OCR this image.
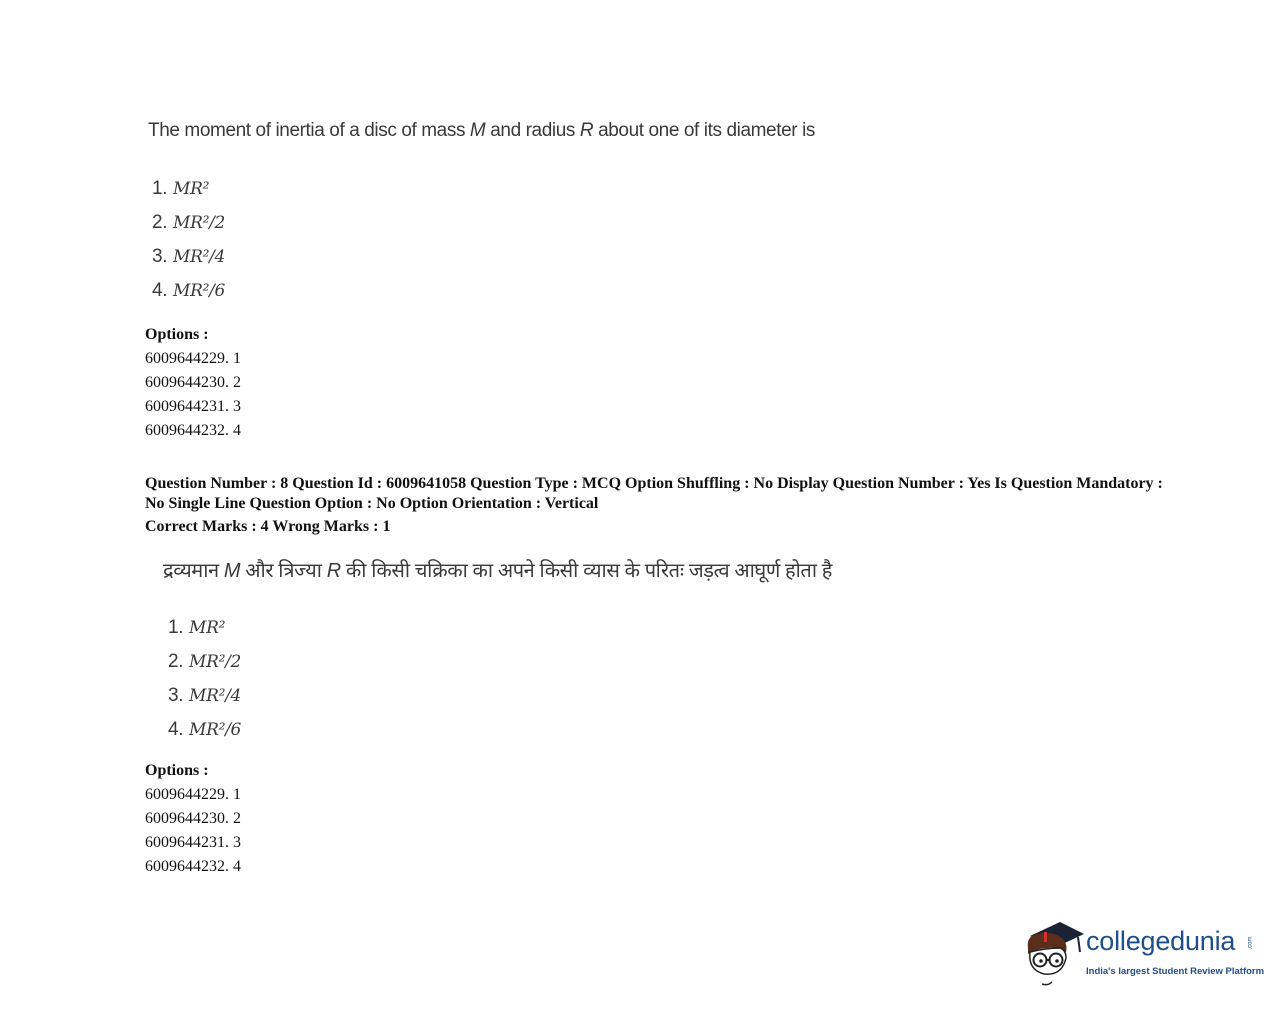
The moment of inertia of a disc of mass M and radius R about one of its diameter is
1. MR²
2. MR²/2
3. MR²/4
4. MR²/6
Options :
6009644229. 1
6009644230. 2
6009644231. 3
6009644232. 4
Question Number : 8 Question Id : 6009641058 Question Type : MCQ Option Shuffling : No Display Question Number : Yes Is Question Mandatory : No Single Line Question Option : No Option Orientation : Vertical
Correct Marks : 4 Wrong Marks : 1
द्रव्यमान M और त्रिज्या R की किसी चक्रिका का अपने किसी व्यास के परितः जड़त्व आघूर्ण होता है
1. MR²
2. MR²/2
3. MR²/4
4. MR²/6
Options :
6009644229. 1
6009644230. 2
6009644231. 3
6009644232. 4
collegedunia .com
India's largest Student Review Platform
